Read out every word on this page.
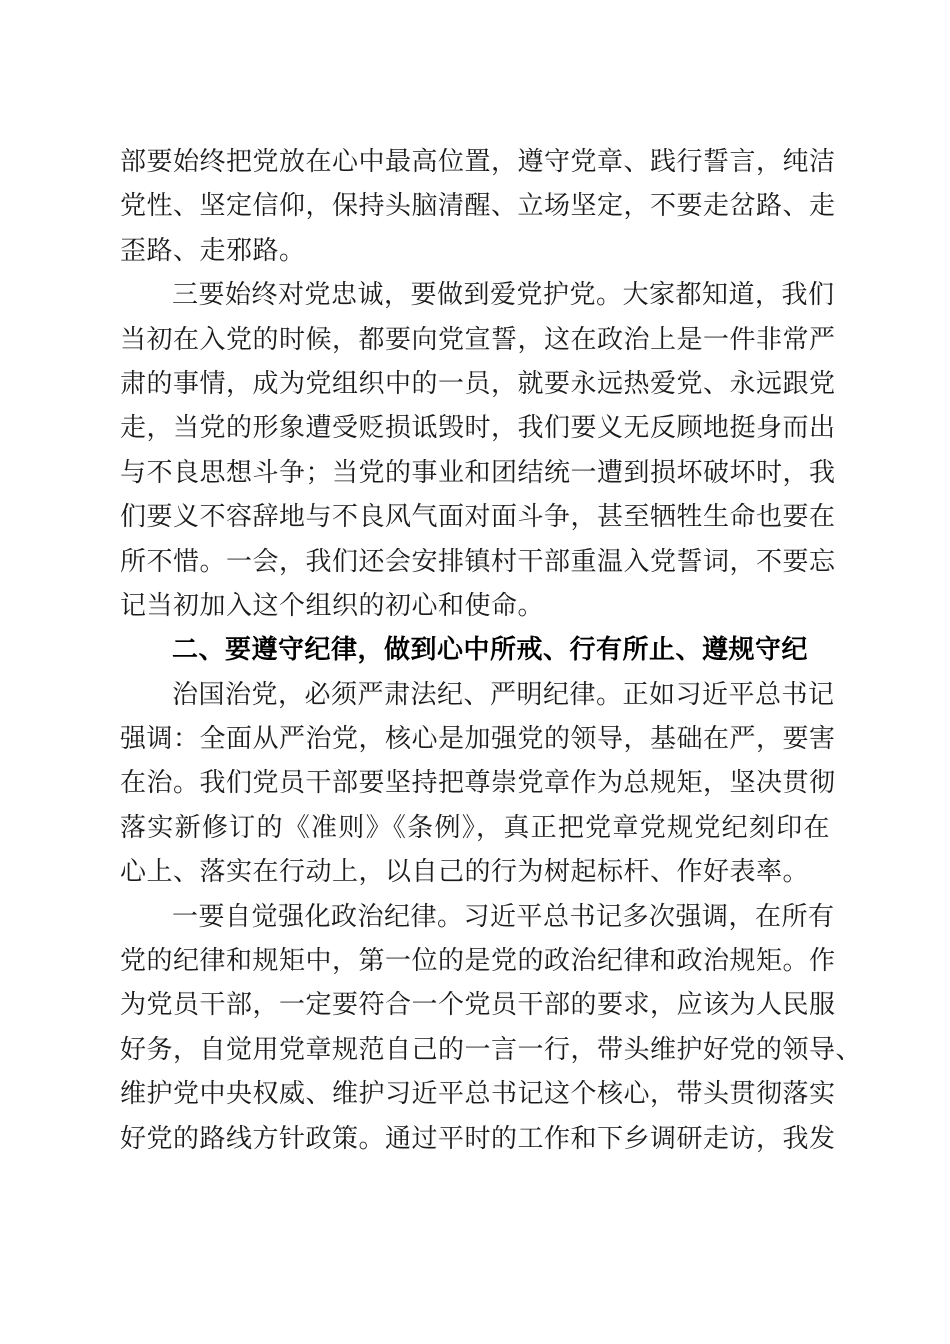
部要始终把党放在心中最高位置，遵守党章、践行誓言，纯洁
党性、坚定信仰，保持头脑清醒、立场坚定，不要走岔路、走
歪路、走邪路。
三要始终对党忠诚，要做到爱党护党。大家都知道，我们
当初在入党的时候，都要向党宣誓，这在政治上是一件非常严
肃的事情，成为党组织中的一员，就要永远热爱党、永远跟党
走，当党的形象遭受贬损诋毁时，我们要义无反顾地挺身而出
与不良思想斗争；当党的事业和团结统一遭到损坏破坏时，我
们要义不容辞地与不良风气面对面斗争，甚至牺牲生命也要在
所不惜。一会，我们还会安排镇村干部重温入党誓词，不要忘
记当初加入这个组织的初心和使命。
二、要遵守纪律，做到心中所戒、行有所止、遵规守纪
治国治党，必须严肃法纪、严明纪律。正如习近平总书记
强调：全面从严治党，核心是加强党的领导，基础在严，要害
在治。我们党员干部要坚持把尊崇党章作为总规矩，坚决贯彻
落实新修订的《准则》《条例》，真正把党章党规党纪刻印在
心上、落实在行动上，以自己的行为树起标杆、作好表率。
一要自觉强化政治纪律。习近平总书记多次强调，在所有
党的纪律和规矩中，第一位的是党的政治纪律和政治规矩。作
为党员干部，一定要符合一个党员干部的要求，应该为人民服
好务，自觉用党章规范自己的一言一行，带头维护好党的领导、
维护党中央权威、维护习近平总书记这个核心，带头贯彻落实
好党的路线方针政策。通过平时的工作和下乡调研走访，我发
